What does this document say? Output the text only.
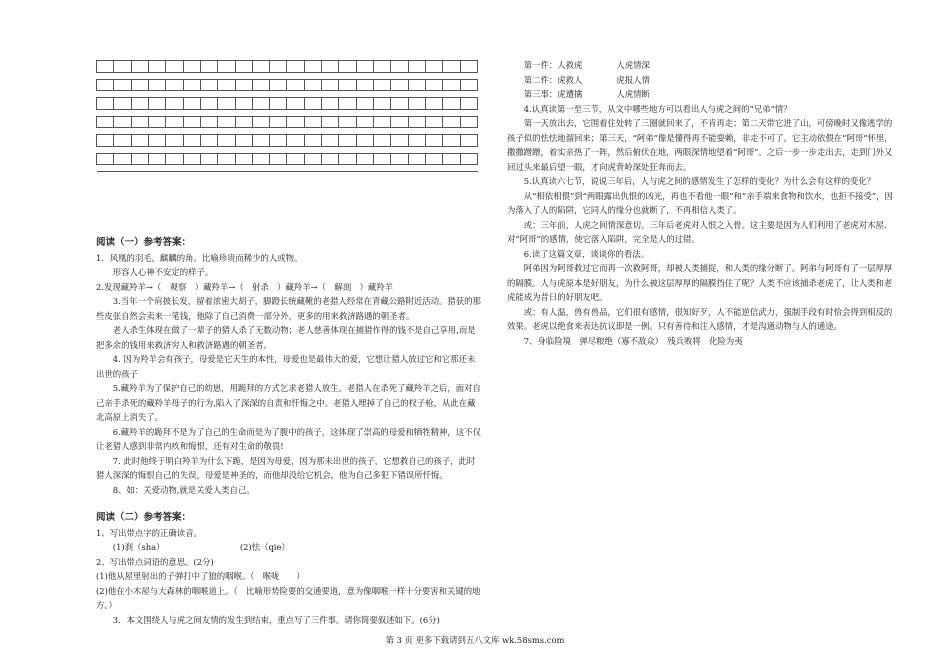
阅读（一）参考答案：

1．风凰的羽毛，麒麟的角。比喻珍贵而稀少的人或物。

形容人心神不安定的样子。

2.发现藏羚羊→（　观察　）藏羚羊→（　射杀　）藏羚羊→（　解剖　）藏羚羊

3.当年一个肩披长发，留着浓密大胡子，脚蹬长统藏靴的老猎人经常在青藏公路附近活动。猎获的那些皮张自然会卖来一笔钱，他除了自己消费一部分外，更多的用来救济路遇的朝圣者。

老人杀生体现在做了一辈子的猎人杀了无数动物；老人慈善体现在捕猎作得的钱不是自己享用,而是把多余的钱用来救济穷人和救济路遇的朝圣者。

4. 因为羚羊会有孩子，母爱是它天生的本性，母爱也是最伟大的爱，它想让猎人放过它和它那还未出世的孩子

5.藏羚羊为了保护自己的幼崽，用跪拜的方式乞求老猎人放生。老猎人在杀死了藏羚羊之后，面对自己亲手杀死的藏羚羊母子的行为,陷入了深深的自责和忏悔之中。老猎人埋掉了自己的杈子枪，从此在藏北高原上消失了。

6.藏羚羊的跪拜不是为了自己的生命而是为了腹中的孩子，这体现了崇高的母爱和牺牲精神，这不仅让老猎人感到非常内疚和悔恨，还有对生命的敬畏!

7. 此时他终于明白羚羊为什么下跪，是因为母爱，因为那未出世的孩子，它想救自己的孩子，此时猎人深深的悔恨自己的失误，母爱是神圣的，而他却没给它机会，他为自己多犯下错误所忏悔。

8、如：关爱动物,就是关爱人类自己。

阅读（二）参考答案：

1、写出带点字的正确读音。

(1)刹（sha）	(2)怯（qie）

2、写出带点词语的意思。(2分)

(1)他从屋里射出的子弹打中了狼的咽喉。（　喉咙　　）

(2)他在小木屋与大森林的咽喉道上。（　比喻形势险要的交通要道，意为像咽喉一样十分要害和关键的地方。）

3．本文围绕人与虎之间友情的发生到结束，重点写了三件事。请你简要叙述如下。(6分)

第一件：人救虎	人虎情深

第二件：虎救人	虎报人情

第三事：虎遭擒	人虎情断

4.认真读第一至三节，从文中哪些地方可以看出人与虎之间的“兄弟”情？

第一天放出去，它围着住处转了三圈就回来了，不肯再走；第二天带它进了山，可傍晚时又像逃学的孩子似的怯怯地溜回来；第三天，“阿弟”像是懂得再不能耍赖，非走不可了。它主动依偎在“阿哥”怀里，撒撒蹭蹭，着实亲热了一阵，然后俯伏在地，两眼深情地望着“阿哥”。之后一步一步走出去，走到门外又回过头来最后望一眼，才向虎背岭深处狂奔而去。

5.认真读六七节，说说三年后，人与虎之间的感情发生了怎样的变化？为什么会有这样的变化？

从“相依相偎”到“两眼露出仇恨的凶光，再也不看他一眼”和“亲手端来食物和饮水，也拒不接受”，因为落入了人的陷阱，它同人的缘分也就断了，不再相信人类了。

或：三年前，人虎之间情深意切。三年后老虎对人恨之入骨。这主要是因为人们利用了老虎对木屋、对“阿哥”的感情，使它落入陷阱，完全是人的过错。

6.读了这篇文章，谈谈你的看法。

阿弟因为阿哥救过它而再一次救阿哥，却被人类捕捉，和人类的缘分断了。阿弟与阿哥有了一层厚厚的隔膜。人与虎原本是好朋友，为什么被这层厚厚的隔膜挡住了呢？人类不应该捕杀老虎了，让人类和老虎能成为昔日的好朋友吧。

或：有人温，兽有兽品，它们很有感情，很知好歹，人不能逆信武力，强制手段有时恰会得到相反的效果。老虎以绝食来表达抗议即是一例。只有善待和注入感情，才是沟通动物与人的通途。

7、身临险境　弹尽粮绝（寡不敌众）　残兵败将　化险为夷

第 3 页 更多下载请到五八文库 wk.58sms.com
